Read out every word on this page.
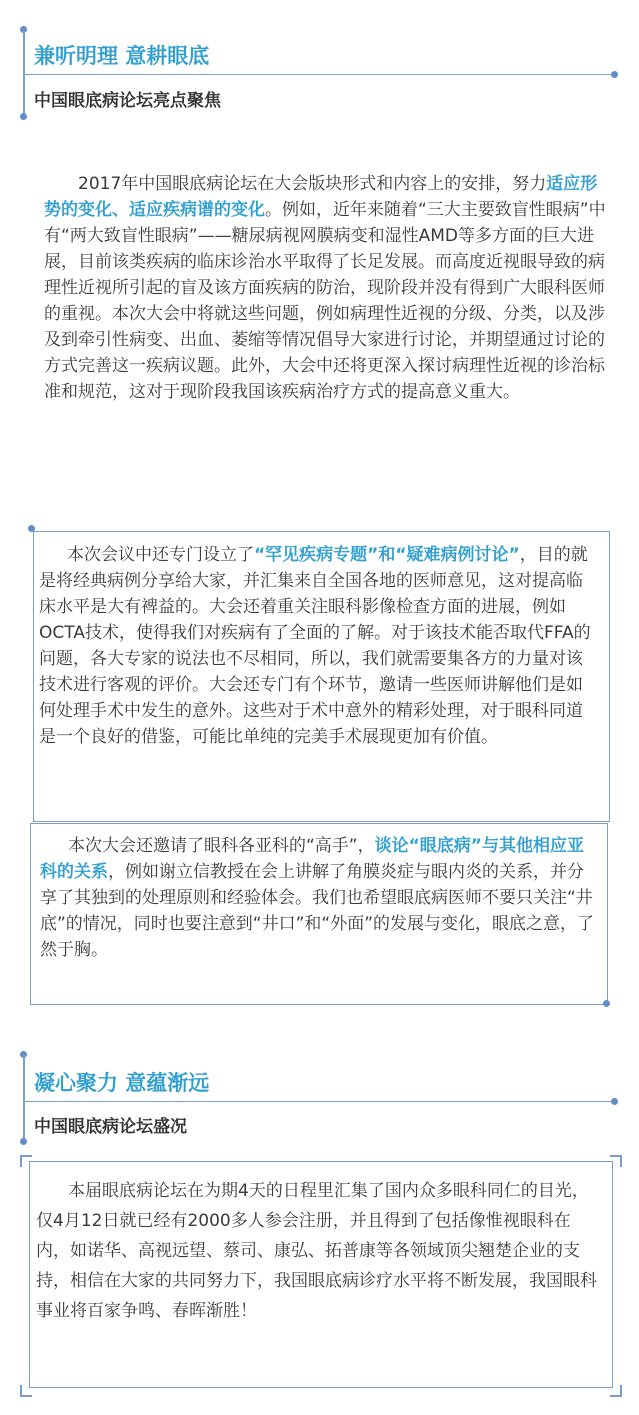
兼听明理 意耕眼底
中国眼底病论坛亮点聚焦

2017年中国眼底病论坛在大会版块形式和内容上的安排，努力适应形势的变化、适应疾病谱的变化。例如，近年来随着“三大主要致盲性眼病”中有“两大致盲性眼病”——糖尿病视网膜病变和湿性AMD等多方面的巨大进展，目前该类疾病的临床诊治水平取得了长足发展。而高度近视眼导致的病理性近视所引起的盲及该方面疾病的防治，现阶段并没有得到广大眼科医师的重视。本次大会中将就这些问题，例如病理性近视的分级、分类，以及涉及到牵引性病变、出血、萎缩等情况倡导大家进行讨论，并期望通过讨论的方式完善这一疾病议题。此外，大会中还将更深入探讨病理性近视的诊治标准和规范，这对于现阶段我国该疾病治疗方式的提高意义重大。

本次会议中还专门设立了“罕见疾病专题”和“疑难病例讨论”，目的就是将经典病例分享给大家，并汇集来自全国各地的医师意见，这对提高临床水平是大有裨益的。大会还着重关注眼科影像检查方面的进展，例如OCTA技术，使得我们对疾病有了全面的了解。对于该技术能否取代FFA的问题，各大专家的说法也不尽相同，所以，我们就需要集各方的力量对该技术进行客观的评价。大会还专门有个环节，邀请一些医师讲解他们是如何处理手术中发生的意外。这些对于术中意外的精彩处理，对于眼科同道是一个良好的借鉴，可能比单纯的完美手术展现更加有价值。

本次大会还邀请了眼科各亚科的“高手”，谈论“眼底病”与其他相应亚科的关系，例如谢立信教授在会上讲解了角膜炎症与眼内炎的关系，并分享了其独到的处理原则和经验体会。我们也希望眼底病医师不要只关注“井底”的情况，同时也要注意到“井口”和“外面”的发展与变化，眼底之意，了然于胸。

凝心聚力 意蕴渐远
中国眼底病论坛盛况

本届眼底病论坛在为期4天的日程里汇集了国内众多眼科同仁的目光，仅4月12日就已经有2000多人参会注册，并且得到了包括像惟视眼科在内，如诺华、高视远望、蔡司、康弘、拓普康等各领域顶尖翘楚企业的支持，相信在大家的共同努力下，我国眼底病诊疗水平将不断发展，我国眼科事业将百家争鸣、春晖渐胜！
